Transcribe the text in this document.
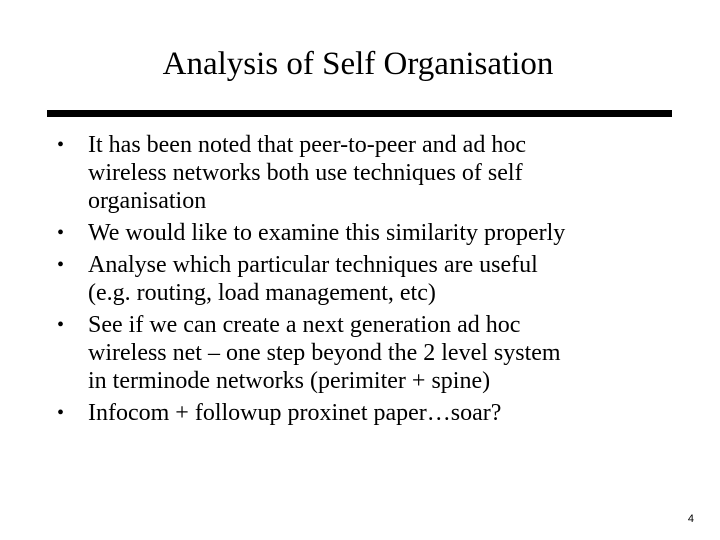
Analysis of Self Organisation
• It has been noted that peer-to-peer and ad hoc
wireless networks both use techniques of self
organisation
• We would like to examine this similarity properly
• Analyse which particular techniques are useful
(e.g. routing, load management, etc)
• See if we can create a next generation ad hoc
wireless net – one step beyond the 2 level system
in terminode networks (perimiter + spine)
• Infocom + followup proxinet paper…soar?
4
